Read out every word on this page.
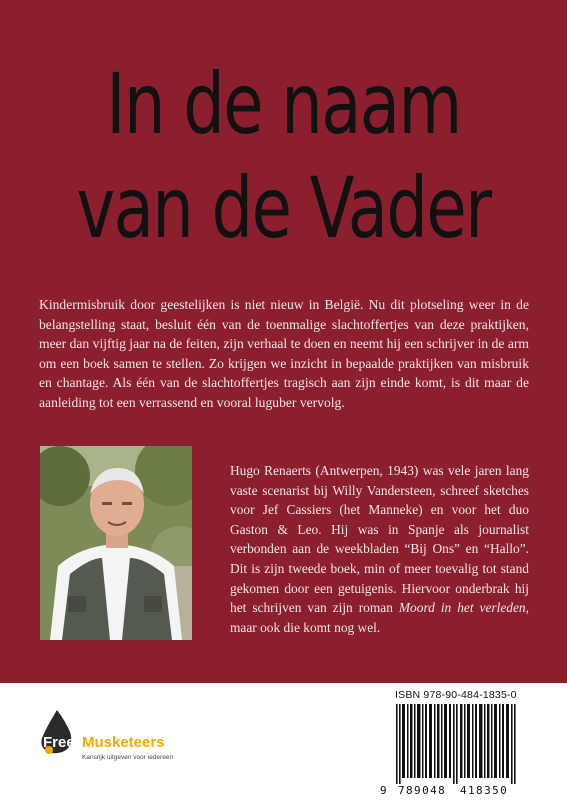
In de naam
van de Vader

Kindermisbruik door geestelijken is niet nieuw in België. Nu dit plotseling weer in de belangstelling staat, besluit één van de toenmalige slachtoffertjes van deze praktijken, meer dan vijftig jaar na de feiten, zijn verhaal te doen en neemt hij een schrijver in de arm om een boek samen te stellen. Zo krijgen we inzicht in bepaalde praktijken van misbruik en chantage. Als één van de slachtoffertjes tragisch aan zijn einde komt, is dit maar de aanleiding tot een verrassend en vooral luguber vervolg.

Hugo Renaerts (Antwerpen, 1943) was vele jaren lang vaste scenarist bij Willy Vandersteen, schreef sketches voor Jef Cassiers (het Manneke) en voor het duo Gaston & Leo. Hij was in Spanje als journalist verbonden aan de weekbladen “Bij Ons” en “Hallo”. Dit is zijn tweede boek, min of meer toevalig tot stand gekomen door een getuigenis. Hiervoor onderbrak hij het schrijven van zijn roman Moord in het verleden, maar ook die komt nog wel.

Free Musketeers
Kansrijk uitgeven voor iedereen
ISBN 978-90-484-1835-0
9 789048 418350
